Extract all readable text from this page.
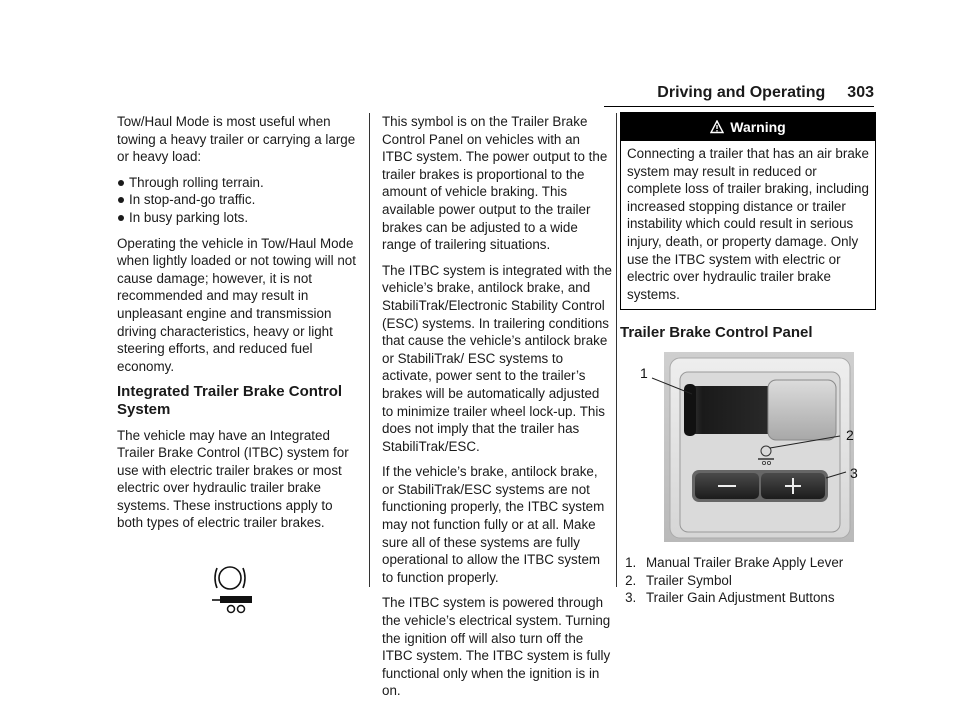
Driving and Operating 303

Tow/Haul Mode is most useful when towing a heavy trailer or carrying a large or heavy load:

Through rolling terrain.
In stop-and-go traffic.
In busy parking lots.

Operating the vehicle in Tow/Haul Mode when lightly loaded or not towing will not cause damage; however, it is not recommended and may result in unpleasant engine and transmission driving characteristics, heavy or light steering efforts, and reduced fuel economy.

Integrated Trailer Brake Control System

The vehicle may have an Integrated Trailer Brake Control (ITBC) system for use with electric trailer brakes or most electric over hydraulic trailer brake systems. These instructions apply to both types of electric trailer brakes.

This symbol is on the Trailer Brake Control Panel on vehicles with an ITBC system. The power output to the trailer brakes is proportional to the amount of vehicle braking. This available power output to the trailer brakes can be adjusted to a wide range of trailering situations.

The ITBC system is integrated with the vehicle’s brake, antilock brake, and StabiliTrak/Electronic Stability Control (ESC) systems. In trailering conditions that cause the vehicle’s antilock brake or StabiliTrak/ ESC systems to activate, power sent to the trailer’s brakes will be automatically adjusted to minimize trailer wheel lock-up. This does not imply that the trailer has StabiliTrak/ESC.

If the vehicle’s brake, antilock brake, or StabiliTrak/ESC systems are not functioning properly, the ITBC system may not function fully or at all. Make sure all of these systems are fully operational to allow the ITBC system to function properly.

The ITBC system is powered through the vehicle’s electrical system. Turning the ignition off will also turn off the ITBC system. The ITBC system is fully functional only when the ignition is in on.

Warning
Connecting a trailer that has an air brake system may result in reduced or complete loss of trailer braking, including increased stopping distance or trailer instability which could result in serious injury, death, or property damage. Only use the ITBC system with electric or electric over hydraulic trailer brake systems.
Trailer Brake Control Panel
1
2
3
1. Manual Trailer Brake Apply Lever
2. Trailer Symbol
3. Trailer Gain Adjustment Buttons
